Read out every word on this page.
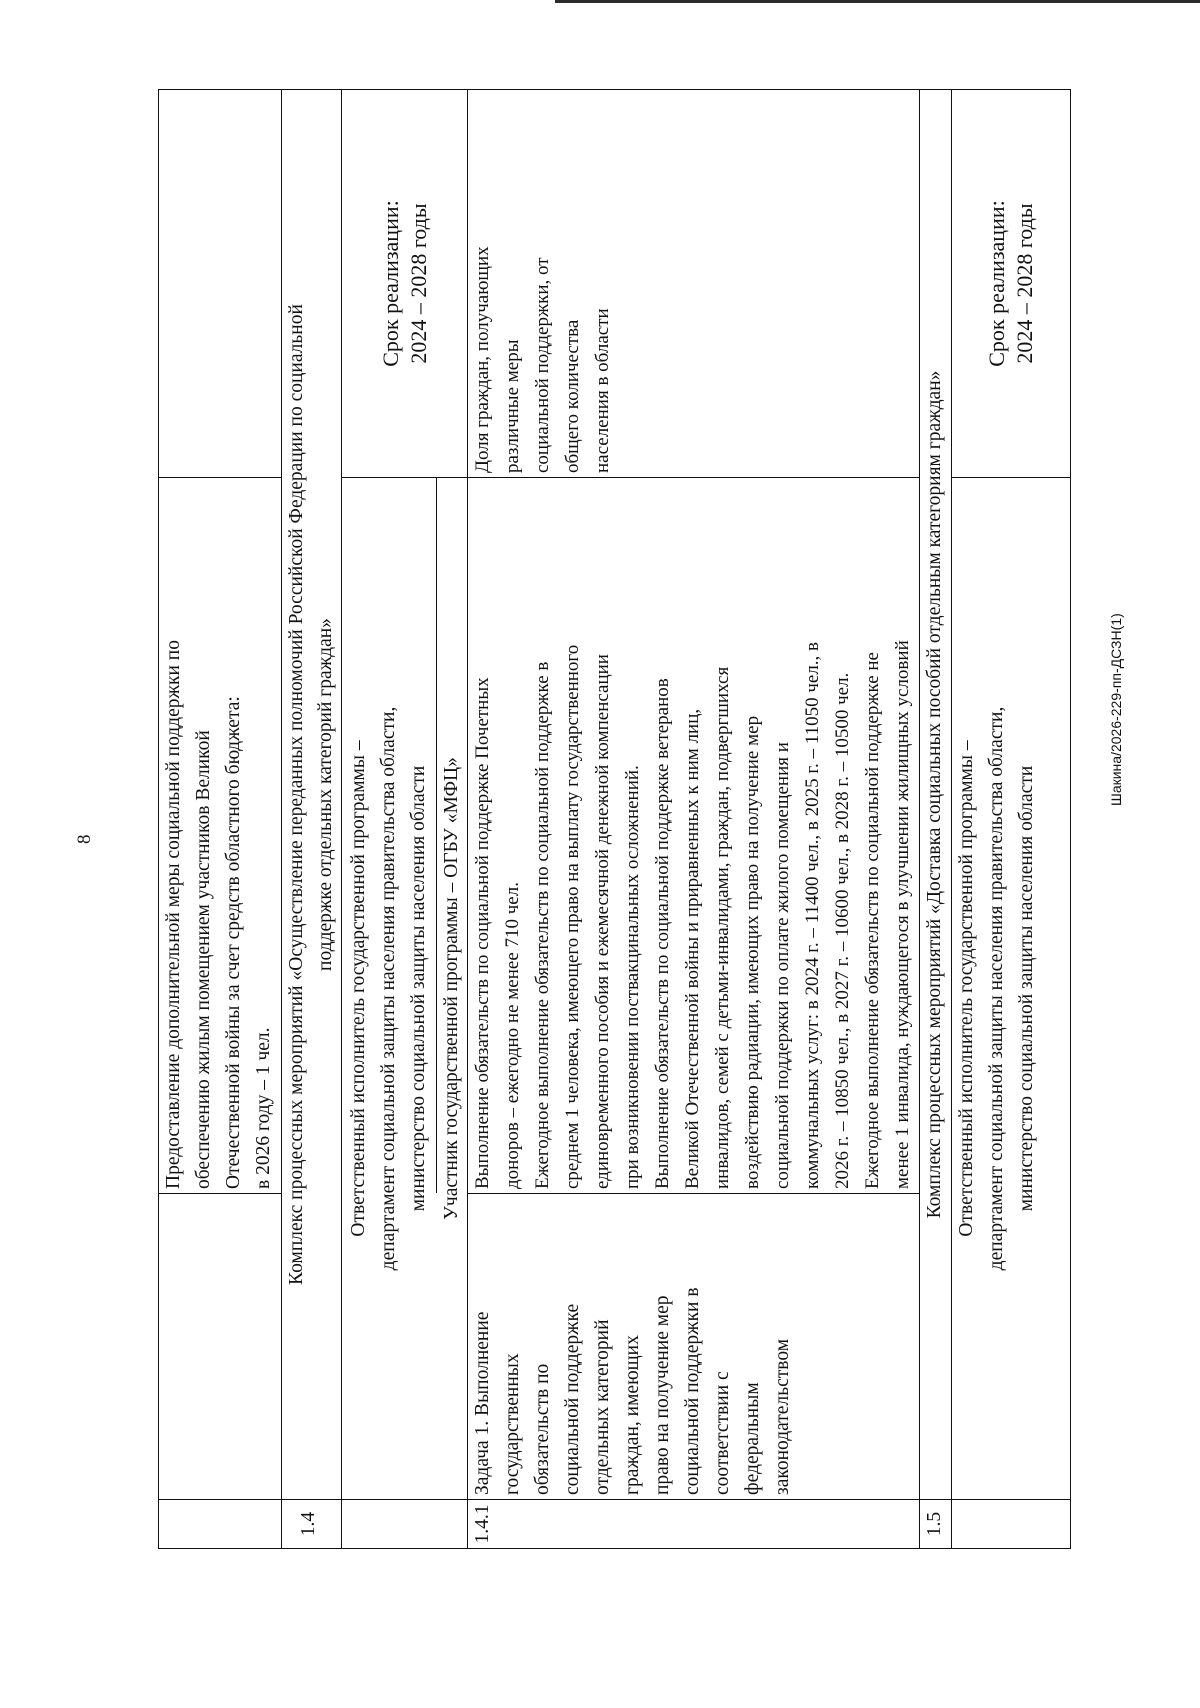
8	Предоставление дополнительной меры социальной поддержки по обеспечению жилым помещением участников Великой Отечественной войны за счет средств областного бюджета: в 2026 году – 1 чел.
1.4
Комплекс процессных мероприятий «Осуществление переданных полномочий Российской Федерации по социальной поддержке отдельных категорий граждан» Ответственный исполнитель государственной программы – департамент социальной защиты населения правительства области, министерство социальной защиты населения области Участник государственной программы – ОГБУ «МФЦ»
Срок реализации: 2024 – 2028 годы
1.4.1
Задача 1. Выполнение государственных обязательств по социальной поддержке отдельных категорий граждан, имеющих право на получение мер социальной поддержки в соответствии с федеральным законодательством
Выполнение обязательств по социальной поддержке Почетных доноров – ежегодно не менее 710 чел. Ежегодное выполнение обязательств по социальной поддержке в среднем 1 человека, имеющего право на выплату государственного единовременного пособия и ежемесячной денежной компенсации при возникновении поствакцинальных осложнений. Выполнение обязательств по социальной поддержке ветеранов Великой Отечественной войны и приравненных к ним лиц, инвалидов, семей с детьми-инвалидами, граждан, подвергшихся воздействию радиации, имеющих право на получение мер социальной поддержки по оплате жилого помещения и коммунальных услуг: в 2024 г. – 11400 чел., в 2025 г. – 11050 чел., в 2026 г. – 10850 чел., в 2027 г. – 10600 чел., в 2028 г. – 10500 чел. Ежегодное выполнение обязательств по социальной поддержке не менее 1 инвалида, нуждающегося в улучшении жилищных условий
Доля граждан, получающих различные меры социальной поддержки, от общего количества населения в области
1.5
Комплекс процессных мероприятий «Доставка социальных пособий отдельным категориям граждан» Ответственный исполнитель государственной программы – департамент социальной защиты населения правительства области, министерство социальной защиты населения области
Срок реализации: 2024 – 2028 годы
Шакина/2026-229-пп-ДСЗН(1)
